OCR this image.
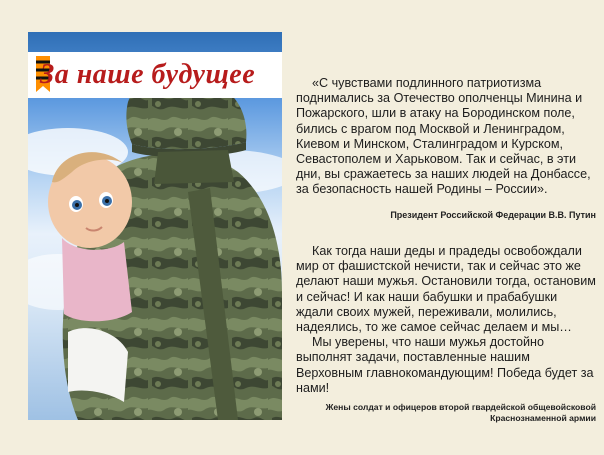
За наше будущее	«С чувствами подлинного патриотизма поднимались за Отечество ополченцы Минина и Пожарского, шли в атаку на Бородинском поле, бились с врагом под Москвой и Ленинградом, Киевом и Минском, Сталинградом и Курском, Севастополем и Харьковом. Так и сейчас, в эти дни, вы сражаетесь за наших людей на Донбассе, за безопасность нашей Родины – России».

Президент Российской Федерации В.В. Путин

Как тогда наши деды и прадеды освобождали мир от фашистской нечисти, так и сейчас это же делают наши мужья. Остановили тогда, остановим и сейчас! И как наши бабушки и прабабушки ждали своих мужей, переживали, молились, надеялись, то же самое сейчас делаем и мы…

Мы уверены, что наши мужья достойно выполнят задачи, поставленные нашим Верховным главнокомандующим! Победа будет за нами!

Жены солдат и офицеров второй гвардейской общевойсковой
Краснознаменной армии
